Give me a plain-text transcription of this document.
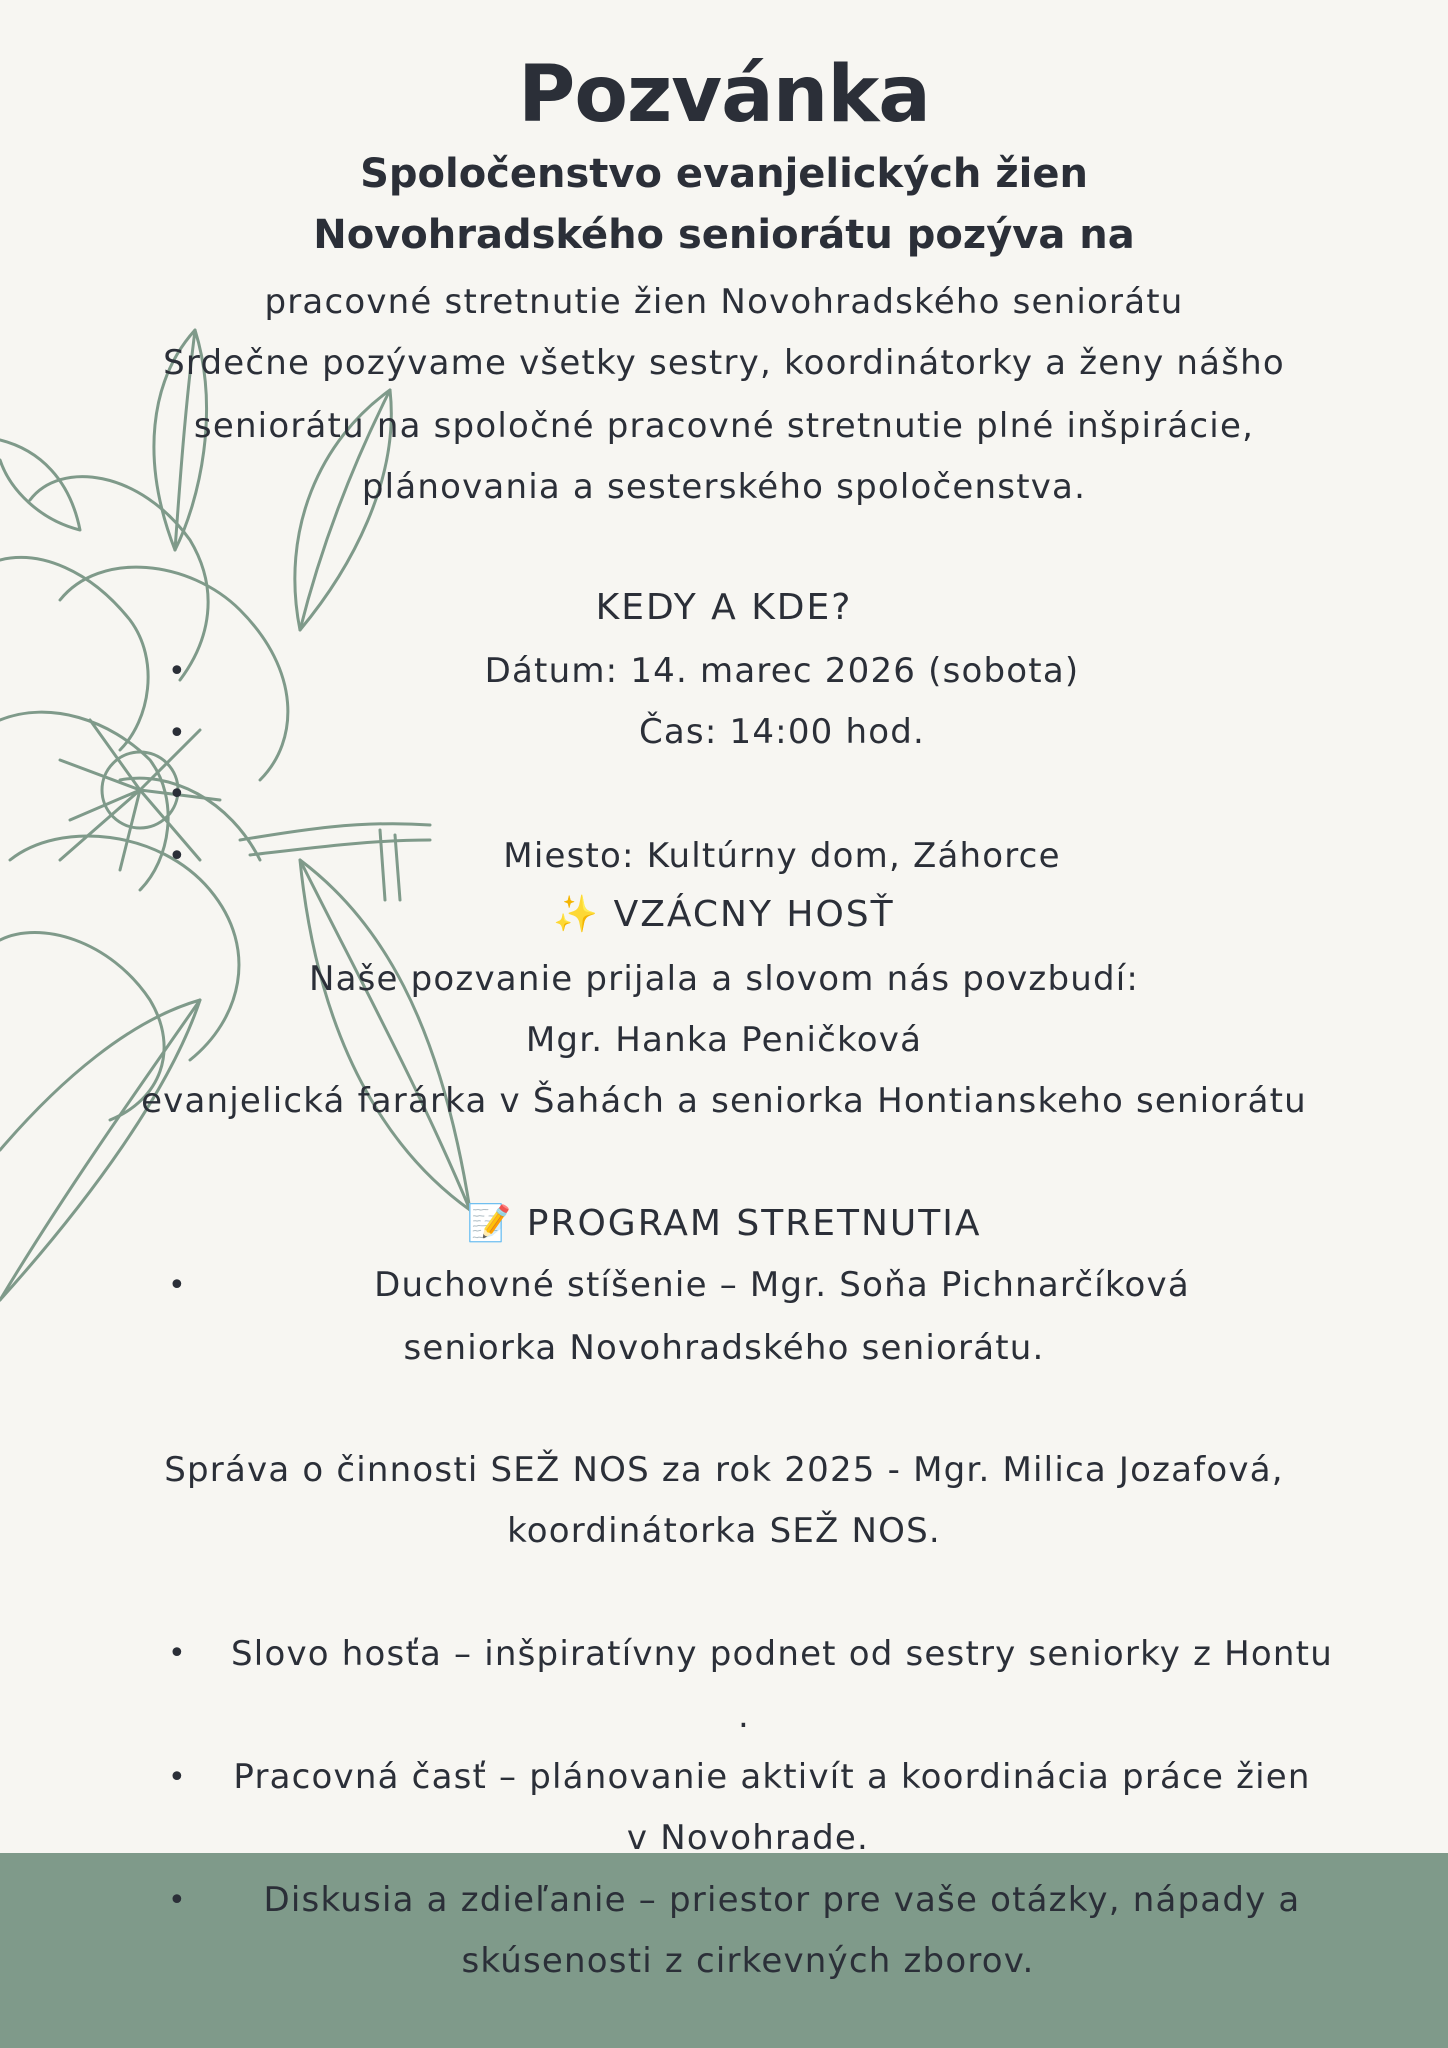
Pozvánka
Spoločenstvo evanjelických žien
Novohradského seniorátu pozýva na
pracovné stretnutie žien Novohradského seniorátu
Srdečne pozývame všetky sestry, koordinátorky a ženy nášho
seniorátu na spoločné pracovné stretnutie plné inšpirácie,
plánovania a sesterského spoločenstva.
KEDY A KDE?
Dátum: 14. marec 2026 (sobota)
Čas: 14:00 hod.
Miesto: Kultúrny dom, Záhorce
•
•
•
•
✨ VZÁCNY HOSŤ
Naše pozvanie prijala a slovom nás povzbudí:
Mgr. Hanka Peničková
evanjelická farárka v Šahách a seniorka Hontianskeho seniorátu
📝 PROGRAM STRETNUTIA
•
Duchovné stíšenie – Mgr. Soňa Pichnarčíková
seniorka Novohradského seniorátu.
Správa o činnosti SEŽ NOS za rok 2025 - Mgr. Milica Jozafová,
koordinátorka SEŽ NOS.
•
Slovo hosťa – inšpiratívny podnet od sestry seniorky z Hontu
.
•
Pracovná časť – plánovanie aktivít a koordinácia práce žien
v Novohrade.
•
Diskusia a zdieľanie – priestor pre vaše otázky, nápady a
skúsenosti z cirkevných zborov.
